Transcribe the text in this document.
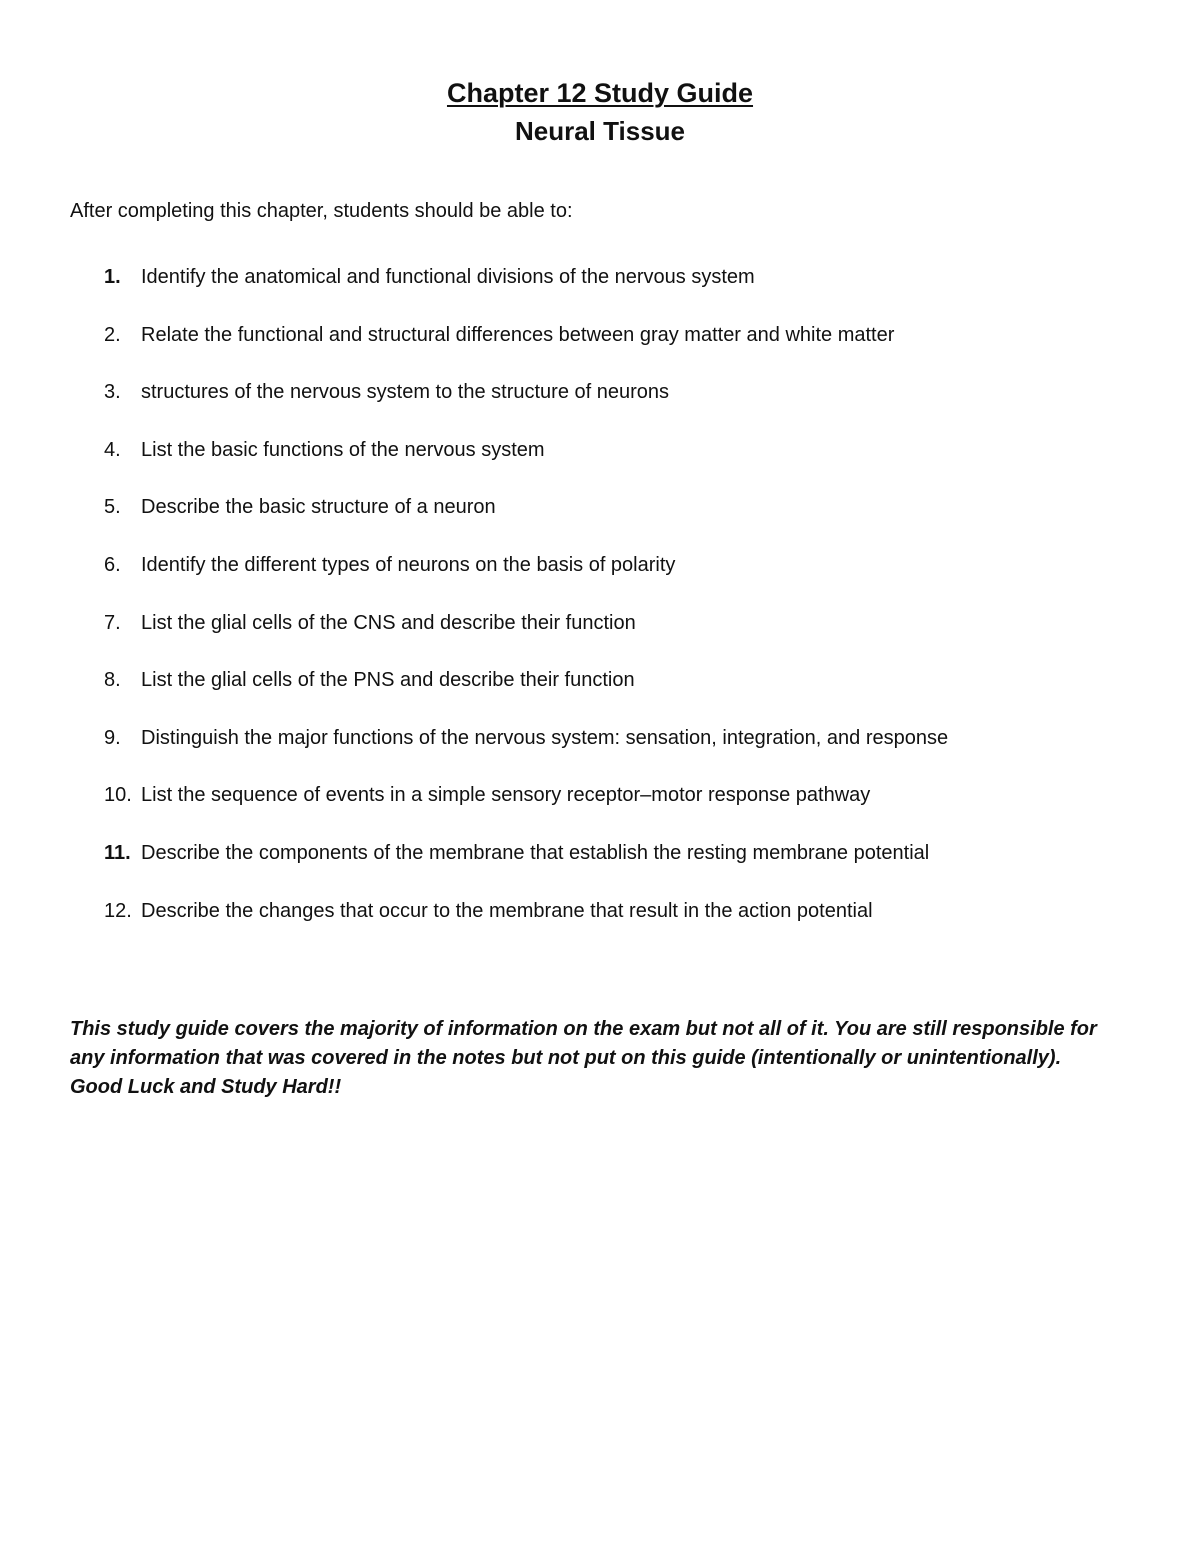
Chapter 12 Study Guide
Neural Tissue

After completing this chapter, students should be able to:

1.	Identify the anatomical and functional divisions of the nervous system
2.	Relate the functional and structural differences between gray matter and white matter
3.	structures of the nervous system to the structure of neurons
4.	List the basic functions of the nervous system
5.	Describe the basic structure of a neuron
6.	Identify the different types of neurons on the basis of polarity
7.	List the glial cells of the CNS and describe their function
8.	List the glial cells of the PNS and describe their function
9.	Distinguish the major functions of the nervous system: sensation, integration, and response
10. List the sequence of events in a simple sensory receptor–motor response pathway
11. Describe the components of the membrane that establish the resting membrane potential
12. Describe the changes that occur to the membrane that result in the action potential

This study guide covers the majority of information on the exam but not all of it. You are still responsible for any information that was covered in the notes but not put on this guide (intentionally or unintentionally).

Good Luck and Study Hard!!
